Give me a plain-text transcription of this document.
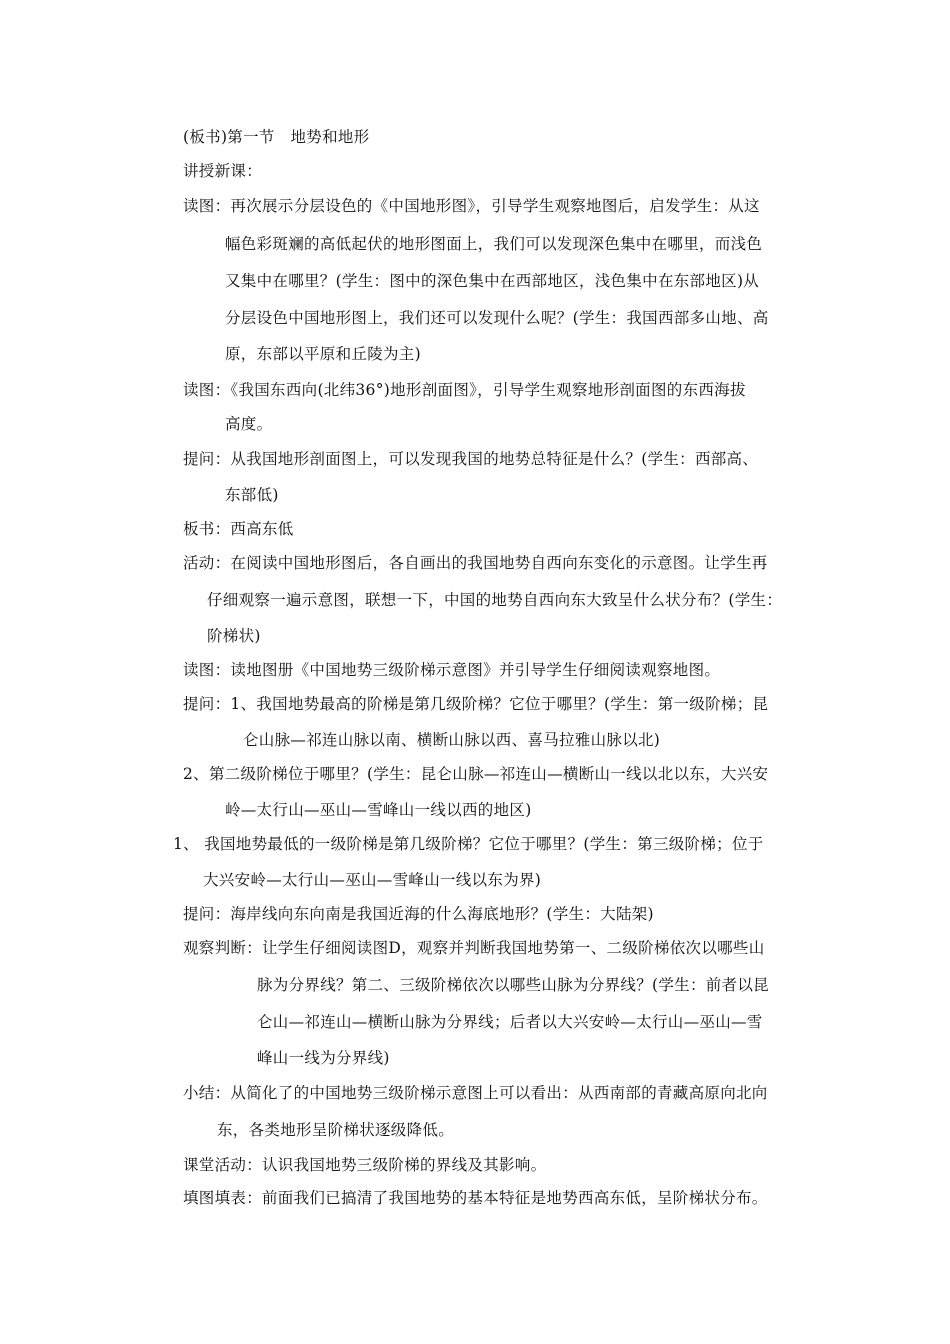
(板书)第一节　地势和地形
讲授新课：
读图：再次展示分层设色的《中国地形图》，引导学生观察地图后，启发学生：从这
幅色彩斑斓的高低起伏的地形图面上，我们可以发现深色集中在哪里，而浅色
又集中在哪里？(学生：图中的深色集中在西部地区，浅色集中在东部地区)从
分层设色中国地形图上，我们还可以发现什么呢？(学生：我国西部多山地、高
原，东部以平原和丘陵为主)
读图：《我国东西向(北纬36°)地形剖面图》，引导学生观察地形剖面图的东西海拔
高度。
提问：从我国地形剖面图上，可以发现我国的地势总特征是什么？(学生：西部高、
东部低)
板书：西高东低
活动：在阅读中国地形图后，各自画出的我国地势自西向东变化的示意图。让学生再
仔细观察一遍示意图，联想一下，中国的地势自西向东大致呈什么状分布？(学生：
阶梯状)
读图：读地图册《中国地势三级阶梯示意图》并引导学生仔细阅读观察地图。
提问：1、我国地势最高的阶梯是第几级阶梯？它位于哪里？(学生：第一级阶梯；昆
仑山脉—祁连山脉以南、横断山脉以西、喜马拉雅山脉以北)
2、第二级阶梯位于哪里？(学生：昆仑山脉—祁连山—横断山一线以北以东，大兴安
岭—太行山—巫山—雪峰山一线以西的地区)
1、 我国地势最低的一级阶梯是第几级阶梯？它位于哪里？(学生：第三级阶梯；位于
大兴安岭—太行山—巫山—雪峰山一线以东为界)
提问：海岸线向东向南是我国近海的什么海底地形？(学生：大陆架)
观察判断：让学生仔细阅读图D，观察并判断我国地势第一、二级阶梯依次以哪些山
脉为分界线？第二、三级阶梯依次以哪些山脉为分界线？(学生：前者以昆
仑山—祁连山—横断山脉为分界线；后者以大兴安岭—太行山—巫山—雪
峰山一线为分界线)
小结：从简化了的中国地势三级阶梯示意图上可以看出：从西南部的青藏高原向北向
东，各类地形呈阶梯状逐级降低。
课堂活动：认识我国地势三级阶梯的界线及其影响。
填图填表：前面我们已搞清了我国地势的基本特征是地势西高东低，呈阶梯状分布。
